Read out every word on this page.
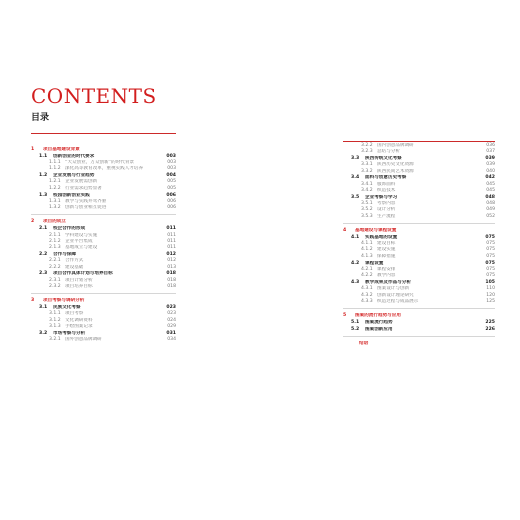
CONTENTS
目录
1	项目基地建设背景
1.1	创新创业的时代要求	003
1.1.1 “大众创业，万众创新”的时代背景	003
1.1.2 深化高等教育改革，重视实践人才培养	003
1.2	企业发展与行业趋势	004
1.2.1 企业发展需创新	005
1.2.2 行业需求趋势显著	005
1.3	校园创新创业实践	006
1.3.1 教学与实践并驾齐驱	006
1.3.2 创新与创业相互促进	006
2	项目的成立
2.1	校企合作的形成	011
2.1.1 学科建设与实施	011
2.1.2 企业平台集成	011
2.1.3 基地成立与建设	011
2.2	合作与保障	012
2.2.1 合作方式	012
2.2.2 建设基础	013
2.3	项目合作具体计划与培养目标	018
2.3.1 项目计划分析	018
2.3.2 项目培养目标	018
3	项目考察与调研分析
3.1	民族文化考察	023
3.1.1 项目考察	023
3.1.2 文化调研资料	024
3.1.3 手绘图案记录	029
3.2	市场考察与分析	031
3.2.1 国外创意品牌调研	034
3.2.2 国内创意品牌调研	036
3.2.3 总结与分析	037
3.3	陕西传统文化考察	039
3.3.1 陕西历史文化资源	039
3.3.2 陕西民间艺术资源	040
3.4	面料与创意历史考察	042
3.4.1 服饰面料	045
3.4.2 织造技术	045
3.5	企业考察与学习	048
3.5.1 考察内容	048
3.5.2 设计分析	049
3.5.3 生产流程	052
4	基地建设与课程设置
4.1	实践基地的设置	075
4.1.1 建设目标	075
4.1.2 建设实施	075
4.1.3 保障措施	075
4.2	课程设置	075
4.2.1 课程安排	075
4.2.2 教学内容	075
4.3	教学成果及作品与分析	105
4.3.1 图案设计与创新	110
4.3.2 创新设计理论研究	120
4.3.3 织造过程与成品展示	125
5	图案的流行趋势与应用
5.1	图案流行趋势	225
5.2	图案创新应用	226
结语
